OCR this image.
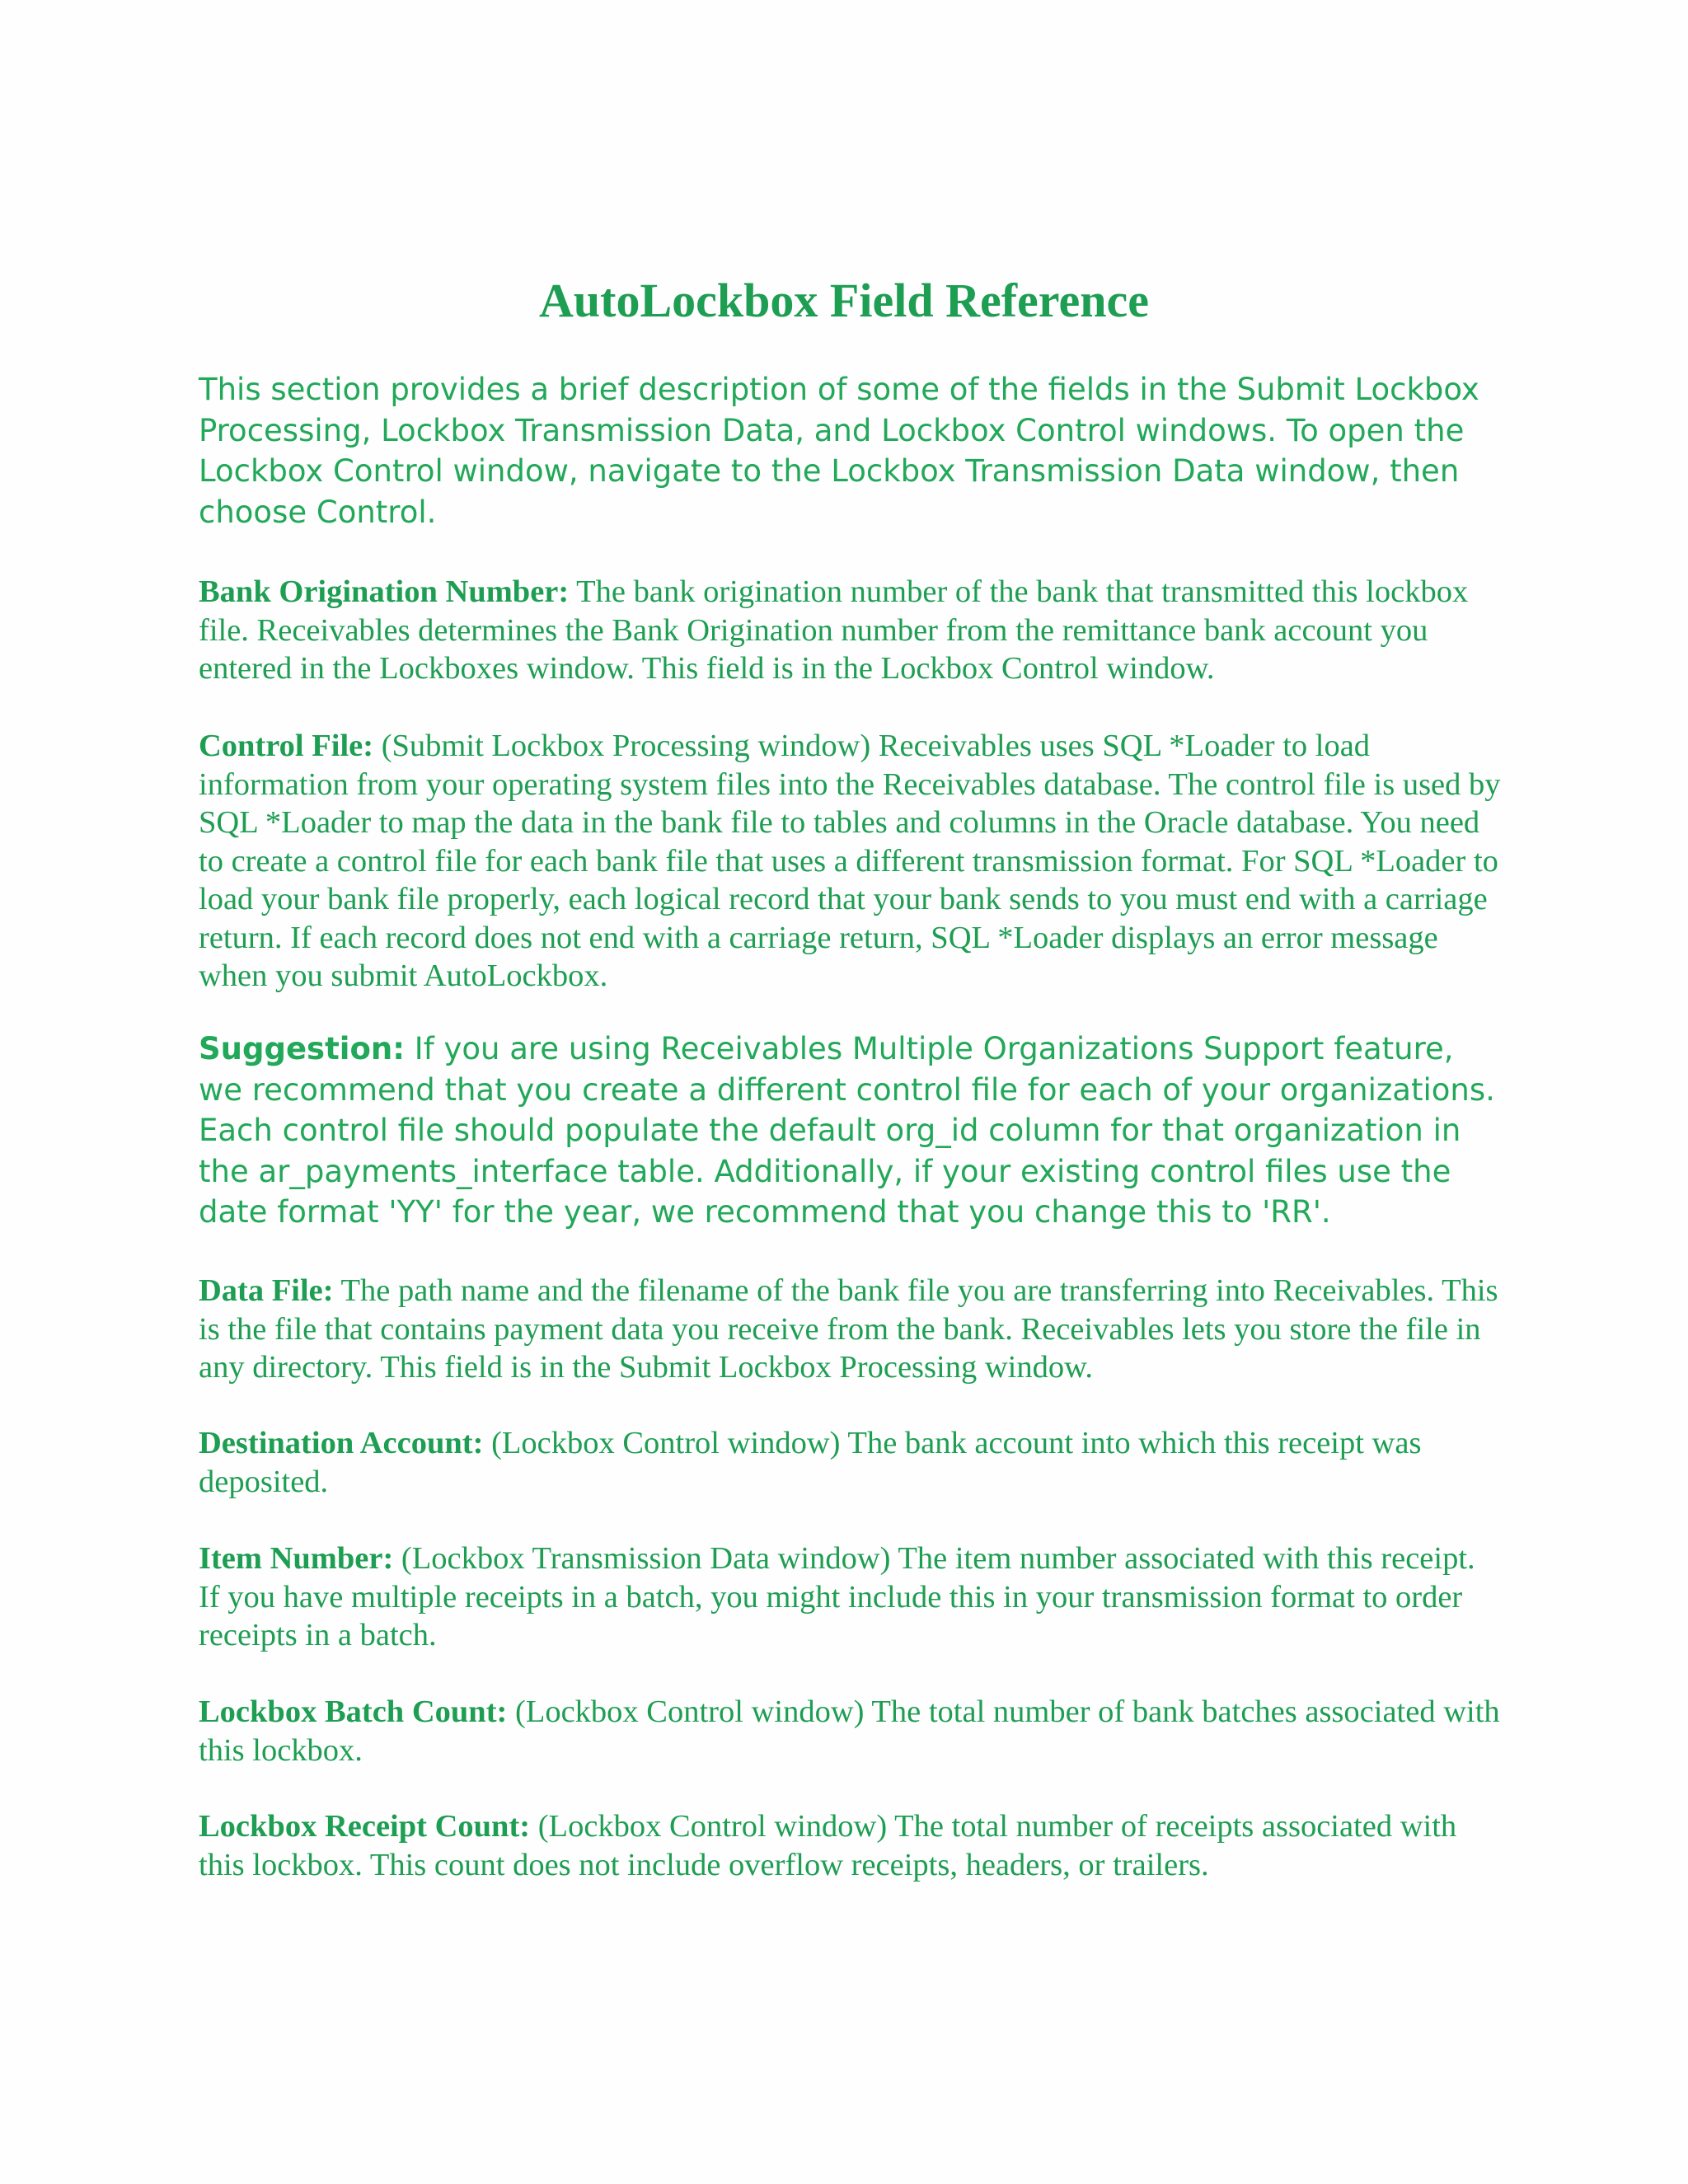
AutoLockbox Field Reference

This section provides a brief description of some of the fields in the Submit Lockbox Processing, Lockbox Transmission Data, and Lockbox Control windows. To open the Lockbox Control window, navigate to the Lockbox Transmission Data window, then choose Control.

Bank Origination Number: The bank origination number of the bank that transmitted this lockbox file. Receivables determines the Bank Origination number from the remittance bank account you entered in the Lockboxes window. This field is in the Lockbox Control window.

Control File: (Submit Lockbox Processing window) Receivables uses SQL *Loader to load information from your operating system files into the Receivables database. The control file is used by SQL *Loader to map the data in the bank file to tables and columns in the Oracle database. You need to create a control file for each bank file that uses a different transmission format. For SQL *Loader to load your bank file properly, each logical record that your bank sends to you must end with a carriage return. If each record does not end with a carriage return, SQL *Loader displays an error message when you submit AutoLockbox.

Suggestion: If you are using Receivables Multiple Organizations Support feature, we recommend that you create a different control file for each of your organizations. Each control file should populate the default org_id column for that organization in the ar_payments_interface table. Additionally, if your existing control files use the date format 'YY' for the year, we recommend that you change this to 'RR'.

Data File: The path name and the filename of the bank file you are transferring into Receivables. This is the file that contains payment data you receive from the bank. Receivables lets you store the file in any directory. This field is in the Submit Lockbox Processing window.

Destination Account: (Lockbox Control window) The bank account into which this receipt was deposited.

Item Number: (Lockbox Transmission Data window) The item number associated with this receipt. If you have multiple receipts in a batch, you might include this in your transmission format to order receipts in a batch.

Lockbox Batch Count: (Lockbox Control window) The total number of bank batches associated with this lockbox.

Lockbox Receipt Count: (Lockbox Control window) The total number of receipts associated with this lockbox. This count does not include overflow receipts, headers, or trailers.
